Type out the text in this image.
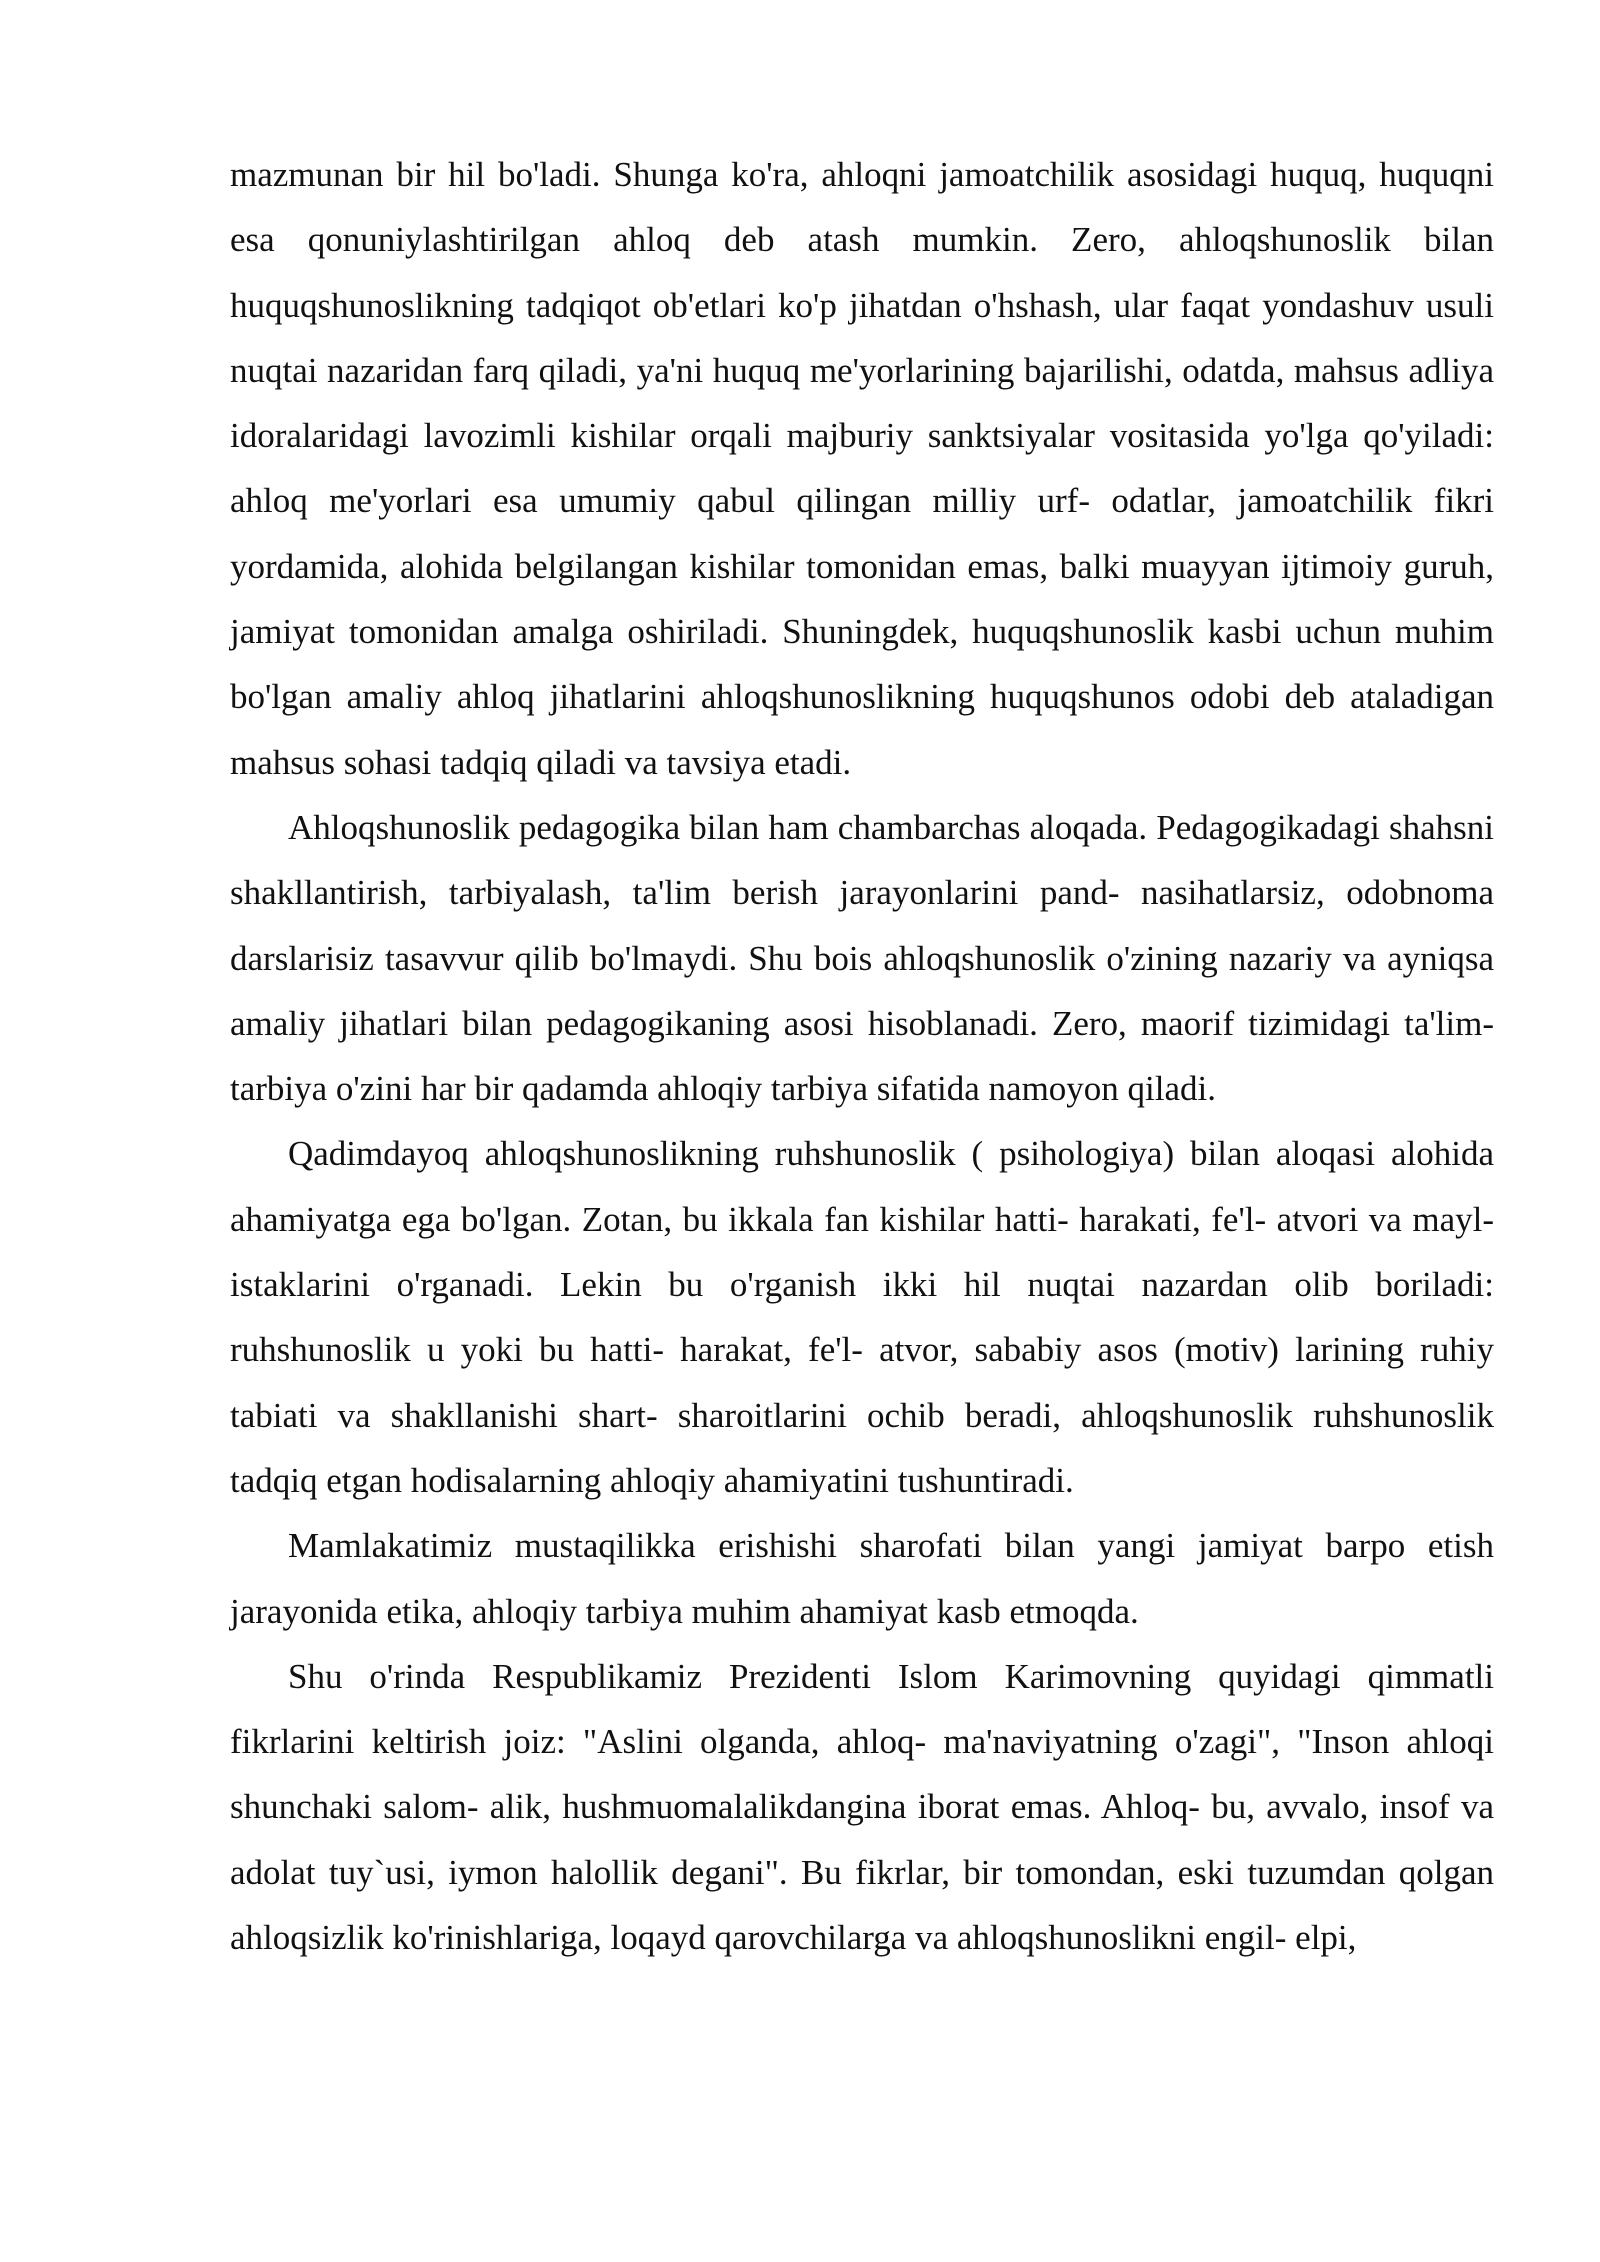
mazmunan bir hil bo'ladi. Shunga ko'ra, ahloqni jamoatchilik asosidagi huquq, huquqni esa qonuniylashtirilgan ahloq deb atash mumkin. Zero, ahloqshunoslik bilan huquqshunoslikning tadqiqot ob'etlari ko'p jihatdan o'hshash, ular faqat yondashuv usuli nuqtai nazaridan farq qiladi, ya'ni huquq me'yorlarining bajarilishi, odatda, mahsus adliya idoralaridagi lavozimli kishilar orqali majburiy sanktsiyalar vositasida yo'lga qo'yiladi: ahloq me'yorlari esa umumiy qabul qilingan milliy urf- odatlar, jamoatchilik fikri yordamida, alohida belgilangan kishilar tomonidan emas, balki muayyan ijtimoiy guruh, jamiyat tomonidan amalga oshiriladi. Shuningdek, huquqshunoslik kasbi uchun muhim bo'lgan amaliy ahloq jihatlarini ahloqshunoslikning huquqshunos odobi deb ataladigan mahsus sohasi tadqiq qiladi va tavsiya etadi.

Ahloqshunoslik pedagogika bilan ham chambarchas aloqada. Pedagogikadagi shahsni shakllantirish, tarbiyalash, ta'lim berish jarayonlarini pand- nasihatlarsiz, odobnoma darslarisiz tasavvur qilib bo'lmaydi. Shu bois ahloqshunoslik o'zining nazariy va ayniqsa amaliy jihatlari bilan pedagogikaning asosi hisoblanadi. Zero, maorif tizimidagi ta'lim- tarbiya o'zini har bir qadamda ahloqiy tarbiya sifatida namoyon qiladi.

Qadimdayoq ahloqshunoslikning ruhshunoslik ( psihologiya) bilan aloqasi alohida ahamiyatga ega bo'lgan. Zotan, bu ikkala fan kishilar hatti- harakati, fe'l- atvori va mayl- istaklarini o'rganadi. Lekin bu o'rganish ikki hil nuqtai nazardan olib boriladi: ruhshunoslik u yoki bu hatti- harakat, fe'l- atvor, sababiy asos (motiv) larining ruhiy tabiati va shakllanishi shart- sharoitlarini ochib beradi, ahloqshunoslik ruhshunoslik tadqiq etgan hodisalarning ahloqiy ahamiyatini tushuntiradi.

Mamlakatimiz mustaqilikka erishishi sharofati bilan yangi jamiyat barpo etish jarayonida etika, ahloqiy tarbiya muhim ahamiyat kasb etmoqda.

Shu o'rinda Respublikamiz Prezidenti Islom Karimovning quyidagi qimmatli fikrlarini keltirish joiz: "Aslini olganda, ahloq- ma'naviyatning o'zagi", "Inson ahloqi shunchaki salom- alik, hushmuomalalikdangina iborat emas. Ahloq- bu, avvalo, insof va adolat tuy`usi, iymon halollik degani". Bu fikrlar, bir tomondan, eski tuzumdan qolgan ahloqsizlik ko'rinishlariga, loqayd qarovchilarga va ahloqshunoslikni engil- elpi,
